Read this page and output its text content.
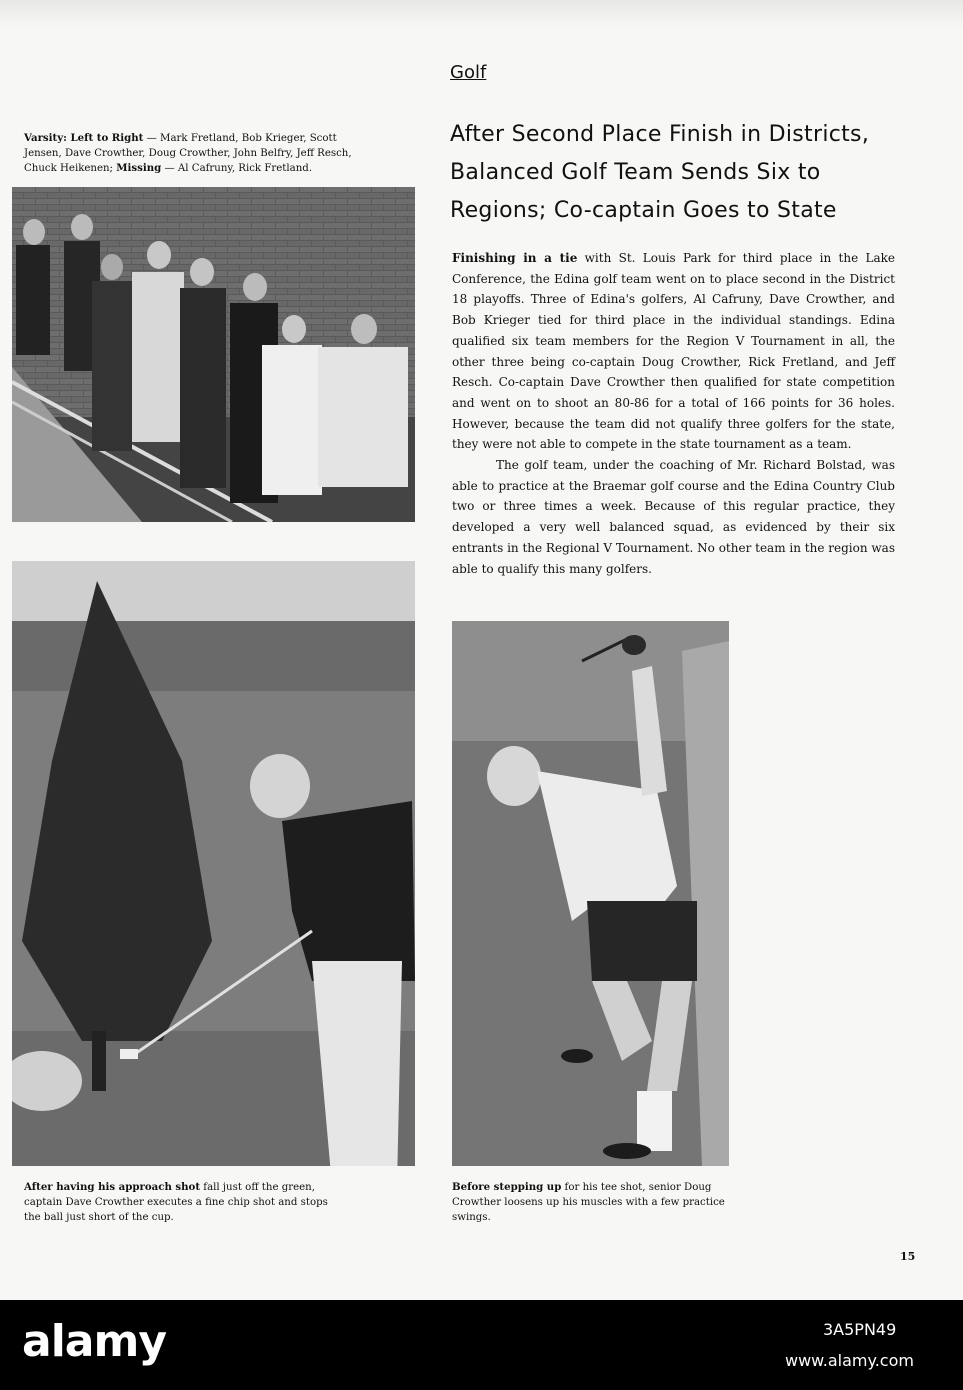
Golf
After Second Place Finish in Districts,
Balanced Golf Team Sends Six to
Regions; Co-captain Goes to State
Varsity: Left to Right — Mark Fretland, Bob Krieger, Scott Jensen, Dave Crowther, Doug Crowther, John Belfry, Jeff Resch, Chuck Heikenen; Missing — Al Cafruny, Rick Fretland.

Finishing in a tie with St. Louis Park for third place in the Lake Conference, the Edina golf team went on to place second in the District 18 playoffs. Three of Edina's golfers, Al Cafruny, Dave Crowther, and Bob Krieger tied for third place in the individual standings. Edina qualified six team members for the Region V Tournament in all, the other three being co-captain Doug Crowther, Rick Fretland, and Jeff Resch. Co-captain Dave Crowther then qualified for state competition and went on to shoot an 80-86 for a total of 166 points for 36 holes. However, because the team did not qualify three golfers for the state, they were not able to compete in the state tournament as a team.

The golf team, under the coaching of Mr. Richard Bolstad, was able to practice at the Braemar golf course and the Edina Country Club two or three times a week. Because of this regular practice, they developed a very well balanced squad, as evidenced by their six entrants in the Regional V Tournament. No other team in the region was able to qualify this many golfers.

After having his approach shot fall just off the green, captain Dave Crowther executes a fine chip shot and stops the ball just short of the cup.
Before stepping up for his tee shot, senior Doug Crowther loosens up his muscles with a few practice swings.
15
alamy	3A5PN49
www.alamy.com
